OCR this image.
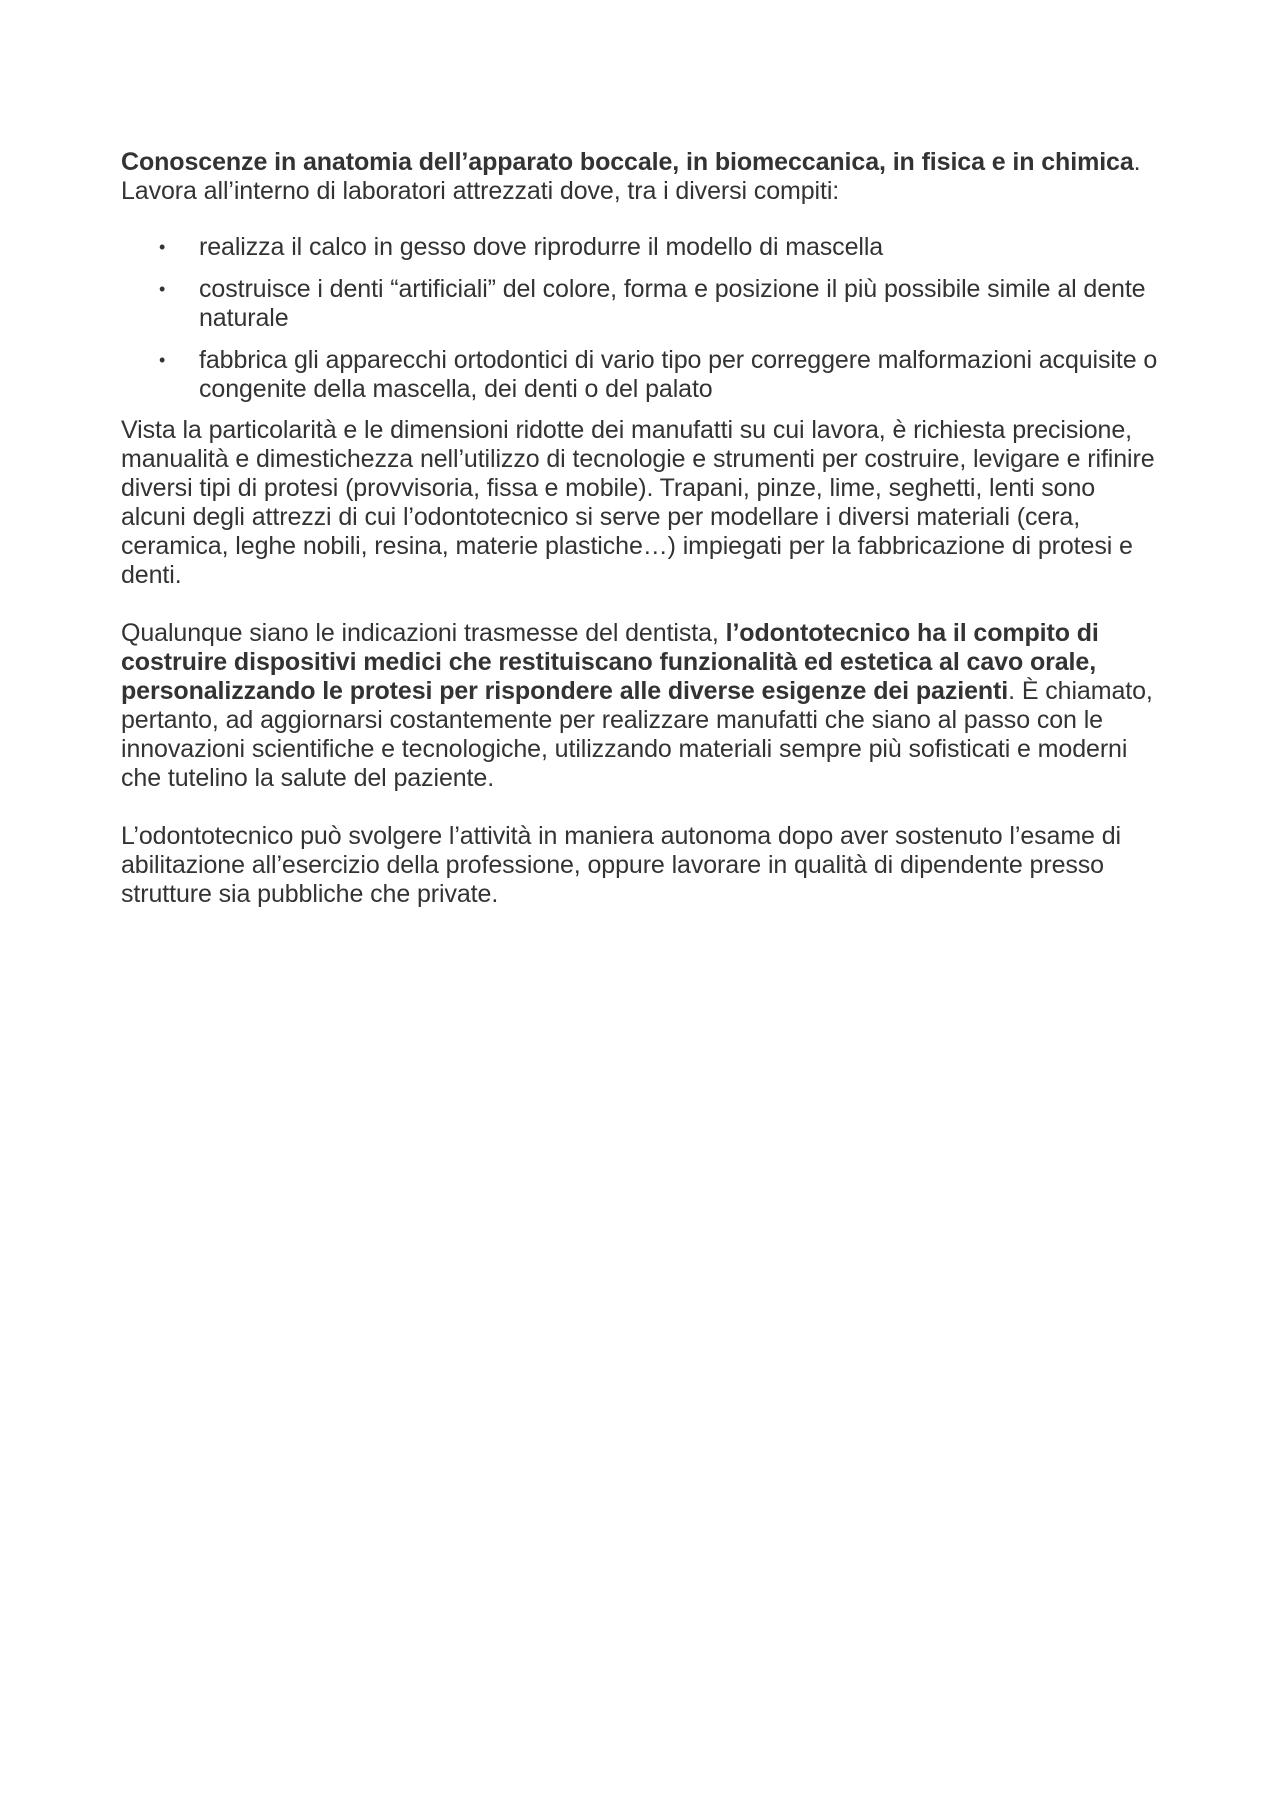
Conoscenze in anatomia dell’apparato boccale, in biomeccanica, in fisica e in chimica. Lavora all’interno di laboratori attrezzati dove, tra i diversi compiti:

• realizza il calco in gesso dove riprodurre il modello di mascella
• costruisce i denti “artificiali” del colore, forma e posizione il più possibile simile al dente naturale
• fabbrica gli apparecchi ortodontici di vario tipo per correggere malformazioni acquisite o congenite della mascella, dei denti o del palato

Vista la particolarità e le dimensioni ridotte dei manufatti su cui lavora, è richiesta precisione, manualità e dimestichezza nell’utilizzo di tecnologie e strumenti per costruire, levigare e rifinire diversi tipi di protesi (provvisoria, fissa e mobile). Trapani, pinze, lime, seghetti, lenti sono alcuni degli attrezzi di cui l’odontotecnico si serve per modellare i diversi materiali (cera, ceramica, leghe nobili, resina, materie plastiche…) impiegati per la fabbricazione di protesi e denti.

Qualunque siano le indicazioni trasmesse del dentista, l’odontotecnico ha il compito di costruire dispositivi medici che restituiscano funzionalità ed estetica al cavo orale, personalizzando le protesi per rispondere alle diverse esigenze dei pazienti. È chiamato, pertanto, ad aggiornarsi costantemente per realizzare manufatti che siano al passo con le innovazioni scientifiche e tecnologiche, utilizzando materiali sempre più sofisticati e moderni che tutelino la salute del paziente.

L’odontotecnico può svolgere l’attività in maniera autonoma dopo aver sostenuto l’esame di abilitazione all’esercizio della professione, oppure lavorare in qualità di dipendente presso strutture sia pubbliche che private.
